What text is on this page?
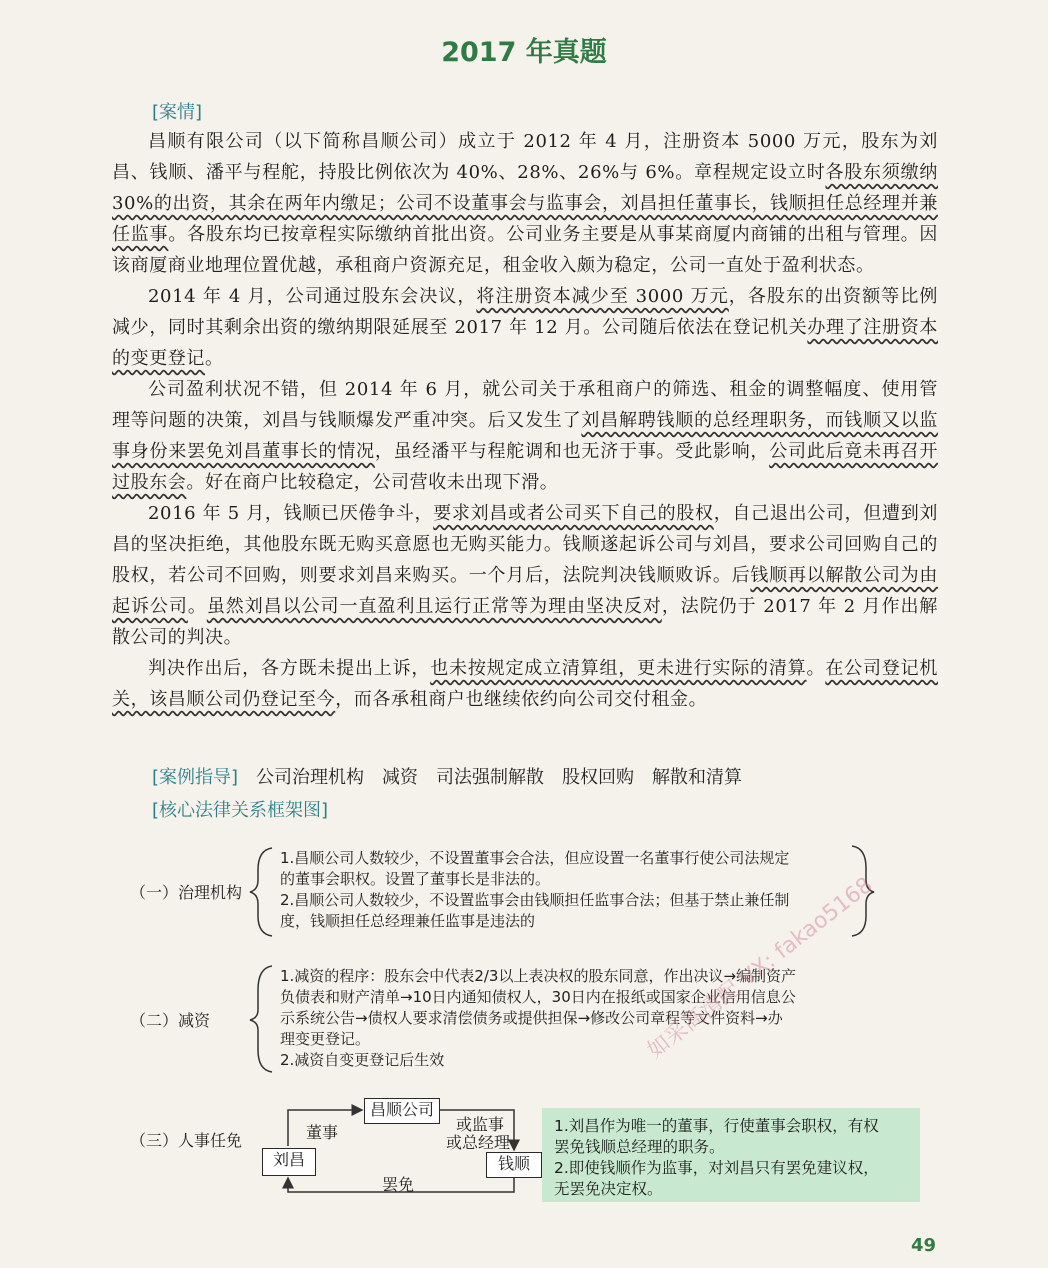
2017 年真题
[案情]

昌顺有限公司（以下简称昌顺公司）成立于 2012 年 4 月，注册资本 5000 万元，股东为刘昌、钱顺、潘平与程舵，持股比例依次为 40%、28%、26%与 6%。章程规定设立时各股东须缴纳 30%的出资，其余在两年内缴足；公司不设董事会与监事会，刘昌担任董事长，钱顺担任总经理并兼任监事。各股东均已按章程实际缴纳首批出资。公司业务主要是从事某商厦内商铺的出租与管理。因该商厦商业地理位置优越，承租商户资源充足，租金收入颇为稳定，公司一直处于盈利状态。

2014 年 4 月，公司通过股东会决议，将注册资本减少至 3000 万元，各股东的出资额等比例减少，同时其剩余出资的缴纳期限延展至 2017 年 12 月。公司随后依法在登记机关办理了注册资本的变更登记。

公司盈利状况不错，但 2014 年 6 月，就公司关于承租商户的筛选、租金的调整幅度、使用管理等问题的决策，刘昌与钱顺爆发严重冲突。后又发生了刘昌解聘钱顺的总经理职务，而钱顺又以监事身份来罢免刘昌董事长的情况，虽经潘平与程舵调和也无济于事。受此影响，公司此后竟未再召开过股东会。好在商户比较稳定，公司营收未出现下滑。

2016 年 5 月，钱顺已厌倦争斗，要求刘昌或者公司买下自己的股权，自己退出公司，但遭到刘昌的坚决拒绝，其他股东既无购买意愿也无购买能力。钱顺遂起诉公司与刘昌，要求公司回购自己的股权，若公司不回购，则要求刘昌来购买。一个月后，法院判决钱顺败诉。后钱顺再以解散公司为由起诉公司。虽然刘昌以公司一直盈利且运行正常等为理由坚决反对，法院仍于 2017 年 2 月作出解散公司的判决。

判决作出后，各方既未提出上诉，也未按规定成立清算组，更未进行实际的清算。在公司登记机关，该昌顺公司仍登记至今，而各承租商户也继续依约向公司交付租金。

[案例指导] 公司治理机构 减资 司法强制解散 股权回购 解散和清算
[核心法律关系框架图]
（一）治理机构
1.昌顺公司人数较少，不设置董事会合法，但应设置一名董事行使公司法规定
的董事会职权。设置了董事长是非法的。
2.昌顺公司人数较少，不设置监事会由钱顺担任监事合法；但基于禁止兼任制
度，钱顺担任总经理兼任监事是违法的
（二）减资
1.减资的程序：股东会中代表2/3以上表决权的股东同意，作出决议→编制资产
负债表和财产清单→10日内通知债权人，30日内在报纸或国家企业信用信息公
示系统公告→债权人要求清偿债务或提供担保→修改公司章程等文件资料→办
理变更登记。
2.减资自变更登记后生效
（三）人事任免
昌顺公司
刘昌	钱顺
董事	或监事
或总经理
罢免
1.刘昌作为唯一的董事，行使董事会职权，有权
罢免钱顺总经理的职务。
2.即使钱顺作为监事，对刘昌只有罢免建议权，
无罢免决定权。
如采高清配 VX: fakao5168
49
